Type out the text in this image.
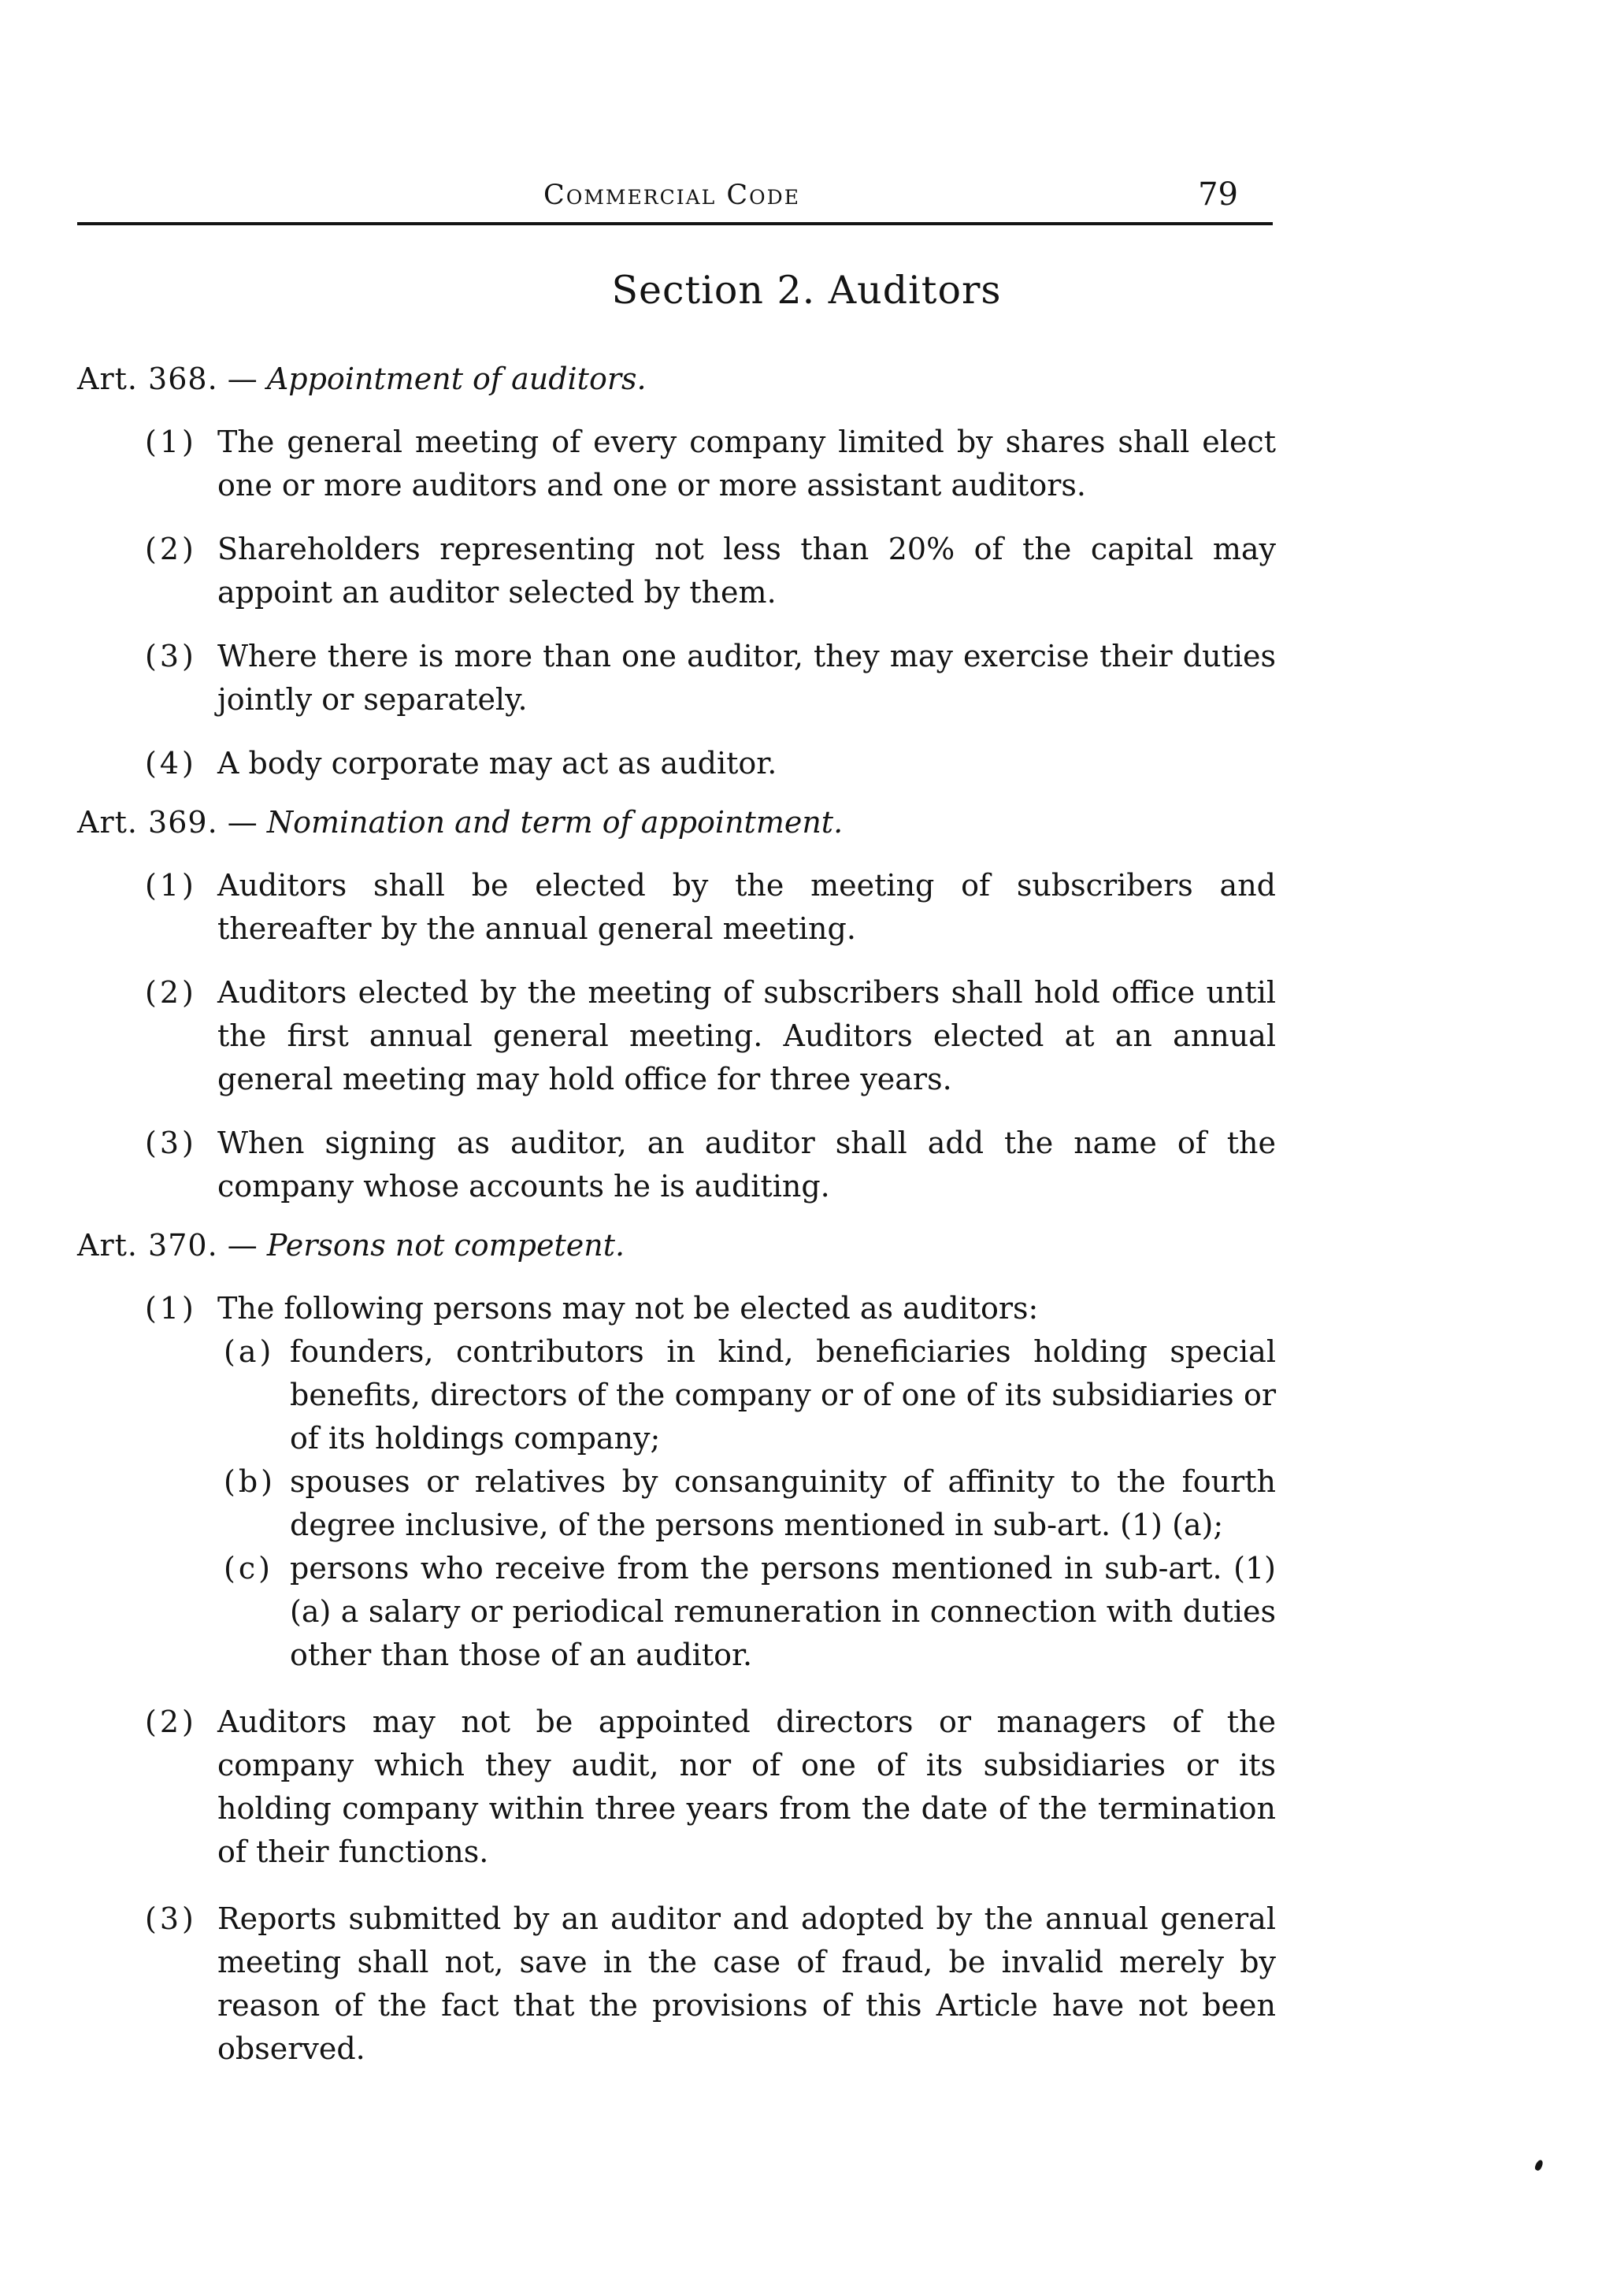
Commercial Code	79
Section 2. Auditors

Art. 368. — Appointment of auditors.

(1) The general meeting of every company limited by shares shall elect one or more auditors and one or more assistant auditors.
(2) Shareholders representing not less than 20% of the capital may appoint an auditor selected by them.
(3) Where there is more than one auditor, they may exercise their duties jointly or separately.
(4) A body corporate may act as auditor.

Art. 369. — Nomination and term of appointment.

(1) Auditors shall be elected by the meeting of subscribers and thereafter by the annual general meeting.
(2) Auditors elected by the meeting of subscribers shall hold office until the first annual general meeting. Auditors elected at an annual general meeting may hold office for three years.
(3) When signing as auditor, an auditor shall add the name of the company whose accounts he is auditing.

Art. 370. — Persons not competent.

(1) The following persons may not be elected as auditors:
(a) founders, contributors in kind, beneficiaries holding special benefits, directors of the company or of one of its subsidiaries or of its holdings company;
(b) spouses or relatives by consanguinity of affinity to the fourth degree inclusive, of the persons mentioned in sub-art. (1) (a);
(c) persons who receive from the persons mentioned in sub-art. (1) (a) a salary or periodical remuneration in connection with duties other than those of an auditor.
(2) Auditors may not be appointed directors or managers of the company which they audit, nor of one of its subsidiaries or its holding company within three years from the date of the termination of their functions.
(3) Reports submitted by an auditor and adopted by the annual general meeting shall not, save in the case of fraud, be invalid merely by reason of the fact that the provisions of this Article have not been observed.
